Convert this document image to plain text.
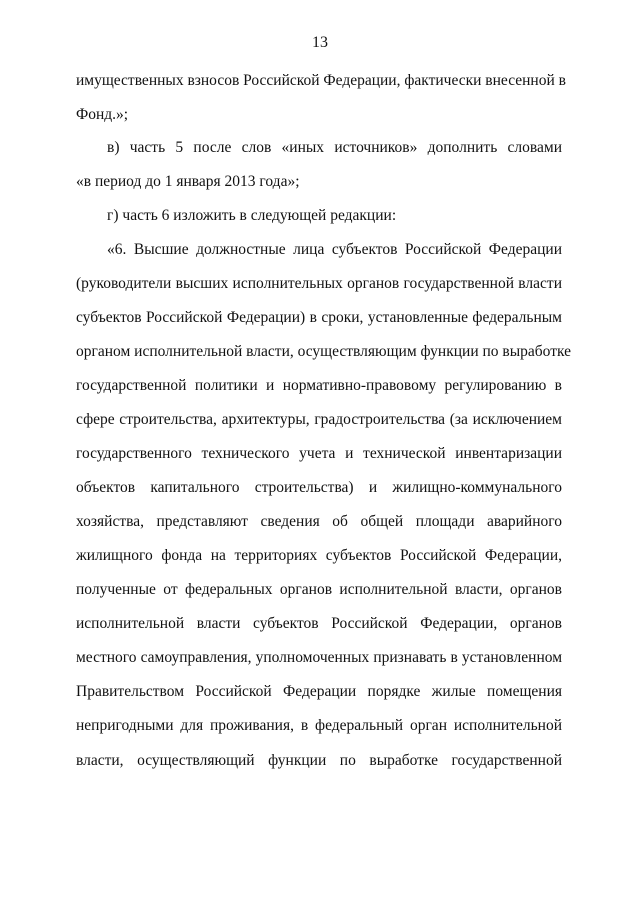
13
имущественных взносов Российской Федерации, фактически внесенной в
Фонд.»;
в) часть 5 после слов «иных источников» дополнить словами
«в период до 1 января 2013 года»;
г) часть 6 изложить в следующей редакции:
«6. Высшие должностные лица субъектов Российской Федерации
(руководители высших исполнительных органов государственной власти
субъектов Российской Федерации) в сроки, установленные федеральным
органом исполнительной власти, осуществляющим функции по выработке
государственной политики и нормативно-правовому регулированию в
сфере строительства, архитектуры, градостроительства (за исключением
государственного технического учета и технической инвентаризации
объектов капитального строительства) и жилищно-коммунального
хозяйства, представляют сведения об общей площади аварийного
жилищного фонда на территориях субъектов Российской Федерации,
полученные от федеральных органов исполнительной власти, органов
исполнительной власти субъектов Российской Федерации, органов
местного самоуправления, уполномоченных признавать в установленном
Правительством Российской Федерации порядке жилые помещения
непригодными для проживания, в федеральный орган исполнительной
власти, осуществляющий функции по выработке государственной
